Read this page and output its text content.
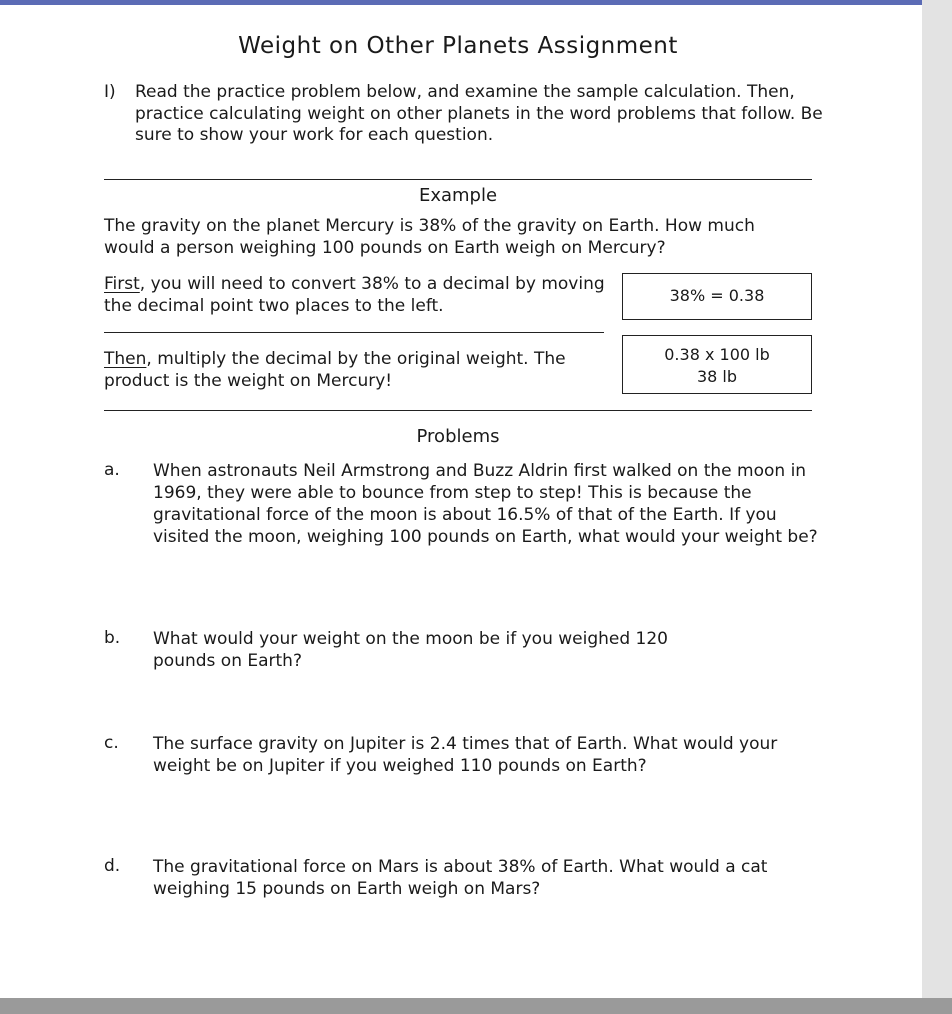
Weight on Other Planets Assignment
I) Read the practice problem below, and examine the sample calculation. Then, practice calculating weight on other planets in the word problems that follow. Be sure to show your work for each question.
Example
The gravity on the planet Mercury is 38% of the gravity on Earth. How much would a person weighing 100 pounds on Earth weigh on Mercury?
First, you will need to convert 38% to a decimal by moving the decimal point two places to the left.
38% = 0.38
Then, multiply the decimal by the original weight. The product is the weight on Mercury!
0.38 x 100 lb
38 lb
Problems
a. When astronauts Neil Armstrong and Buzz Aldrin first walked on the moon in 1969, they were able to bounce from step to step! This is because the gravitational force of the moon is about 16.5% of that of the Earth. If you visited the moon, weighing 100 pounds on Earth, what would your weight be?
b. What would your weight on the moon be if you weighed 120 pounds on Earth?
c. The surface gravity on Jupiter is 2.4 times that of Earth. What would your weight be on Jupiter if you weighed 110 pounds on Earth?
d. The gravitational force on Mars is about 38% of Earth. What would a cat weighing 15 pounds on Earth weigh on Mars?
